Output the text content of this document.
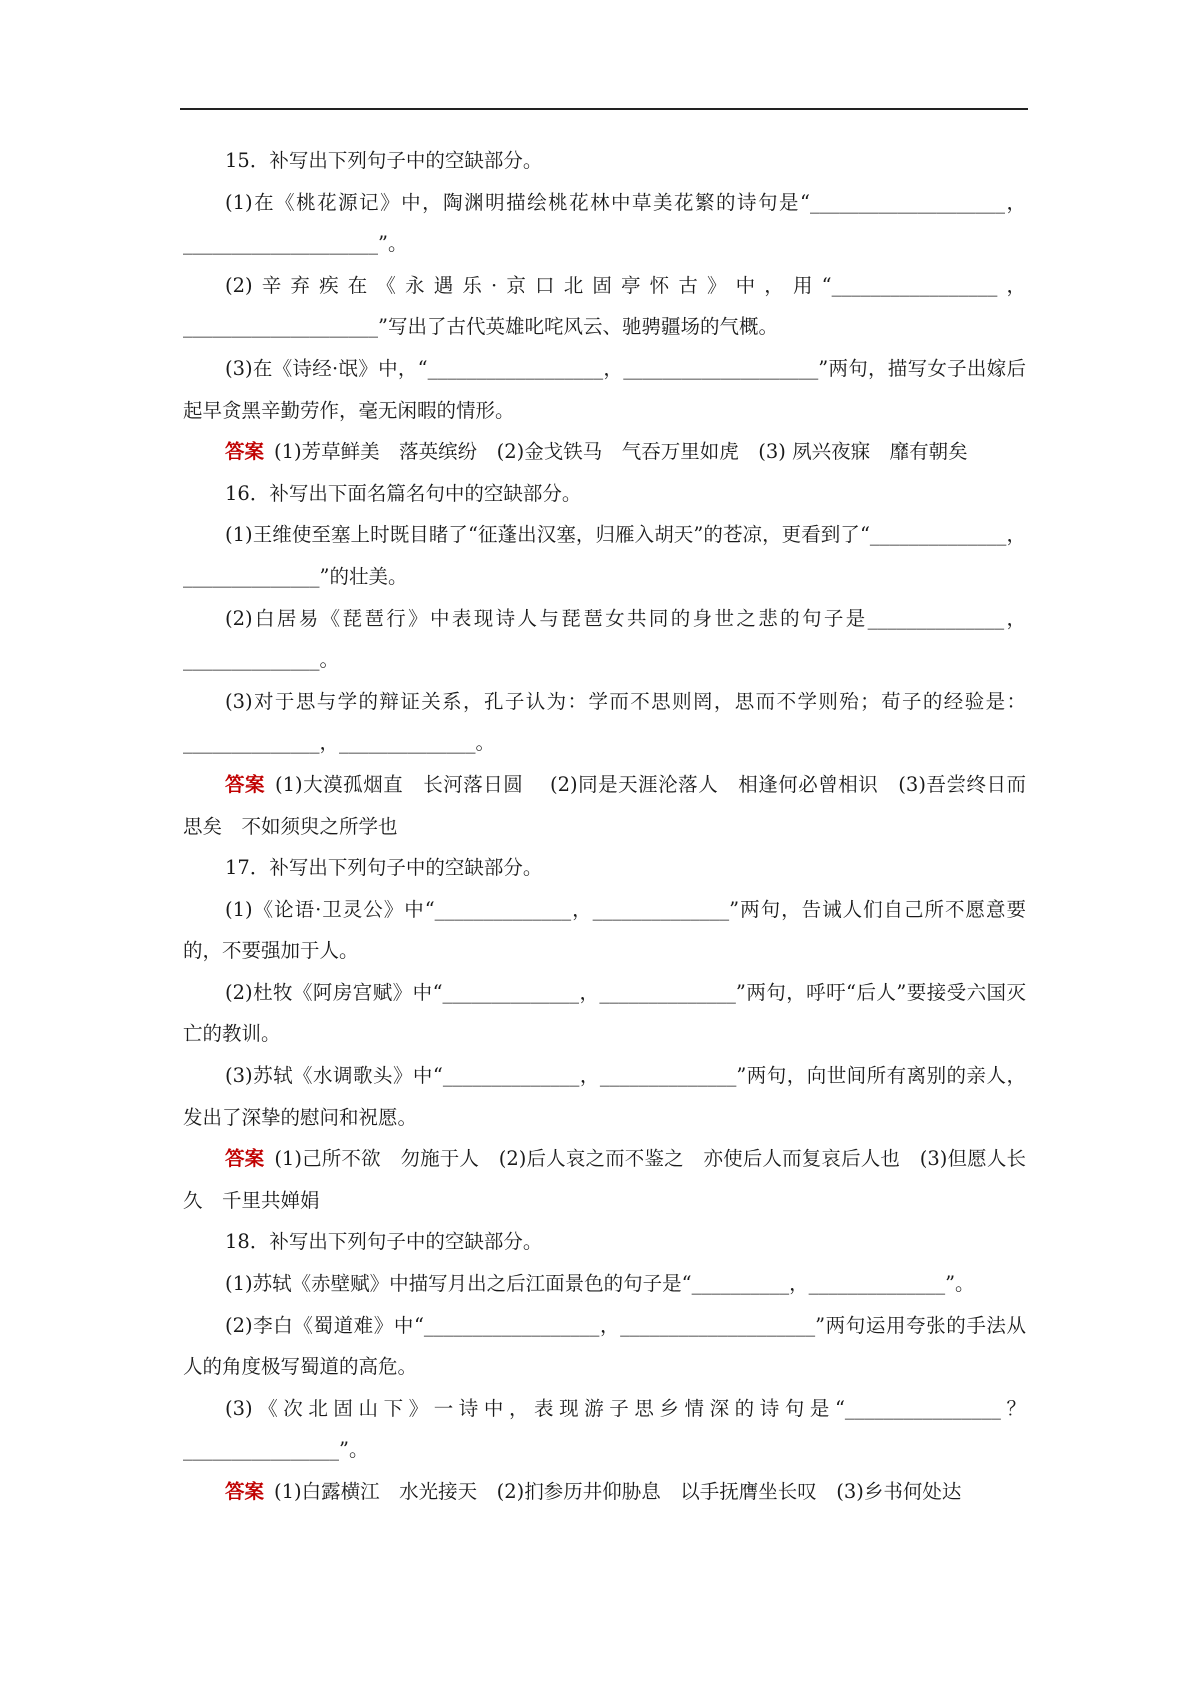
15．补写出下列句子中的空缺部分。

(1)在《桃花源记》中，陶渊明描绘桃花林中草美花繁的诗句是“____________________，____________________”。

(2)辛弃疾在《永遇乐·京口北固亭怀古》中，用“_________________，____________________”写出了古代英雄叱咤风云、驰骋疆场的气概。

(3)在《诗经·氓》中，“__________________，____________________”两句，描写女子出嫁后起早贪黑辛勤劳作，毫无闲暇的情形。

答案 (1)芳草鲜美　落英缤纷　(2)金戈铁马　气吞万里如虎　(3) 夙兴夜寐　靡有朝矣

16．补写出下面名篇名句中的空缺部分。

(1)王维使至塞上时既目睹了“征蓬出汉塞，归雁入胡天”的苍凉，更看到了“______________，______________”的壮美。

(2)白居易《琵琶行》中表现诗人与琵琶女共同的身世之悲的句子是______________，______________。

(3)对于思与学的辩证关系，孔子认为：学而不思则罔，思而不学则殆；荀子的经验是：______________，______________。

答案 (1)大漠孤烟直　长河落日圆　 (2)同是天涯沦落人　相逢何必曾相识　(3)吾尝终日而思矣　不如须臾之所学也

17．补写出下列句子中的空缺部分。

(1)《论语·卫灵公》中“______________，______________”两句，告诫人们自己所不愿意要的，不要强加于人。

(2)杜牧《阿房宫赋》中“______________，______________”两句，呼吁“后人”要接受六国灭亡的教训。

(3)苏轼《水调歌头》中“______________，______________”两句，向世间所有离别的亲人，发出了深挚的慰问和祝愿。

答案 (1)己所不欲　勿施于人　(2)后人哀之而不鉴之　亦使后人而复哀后人也　(3)但愿人长久　千里共婵娟

18．补写出下列句子中的空缺部分。

(1)苏轼《赤壁赋》中描写月出之后江面景色的句子是“__________，______________”。

(2)李白《蜀道难》中“__________________，____________________”两句运用夸张的手法从人的角度极写蜀道的高危。

(3)《次北固山下》一诗中，表现游子思乡情深的诗句是“________________？________________”。

答案 (1)白露横江　水光接天　(2)扪参历井仰胁息　以手抚膺坐长叹　(3)乡书何处达
